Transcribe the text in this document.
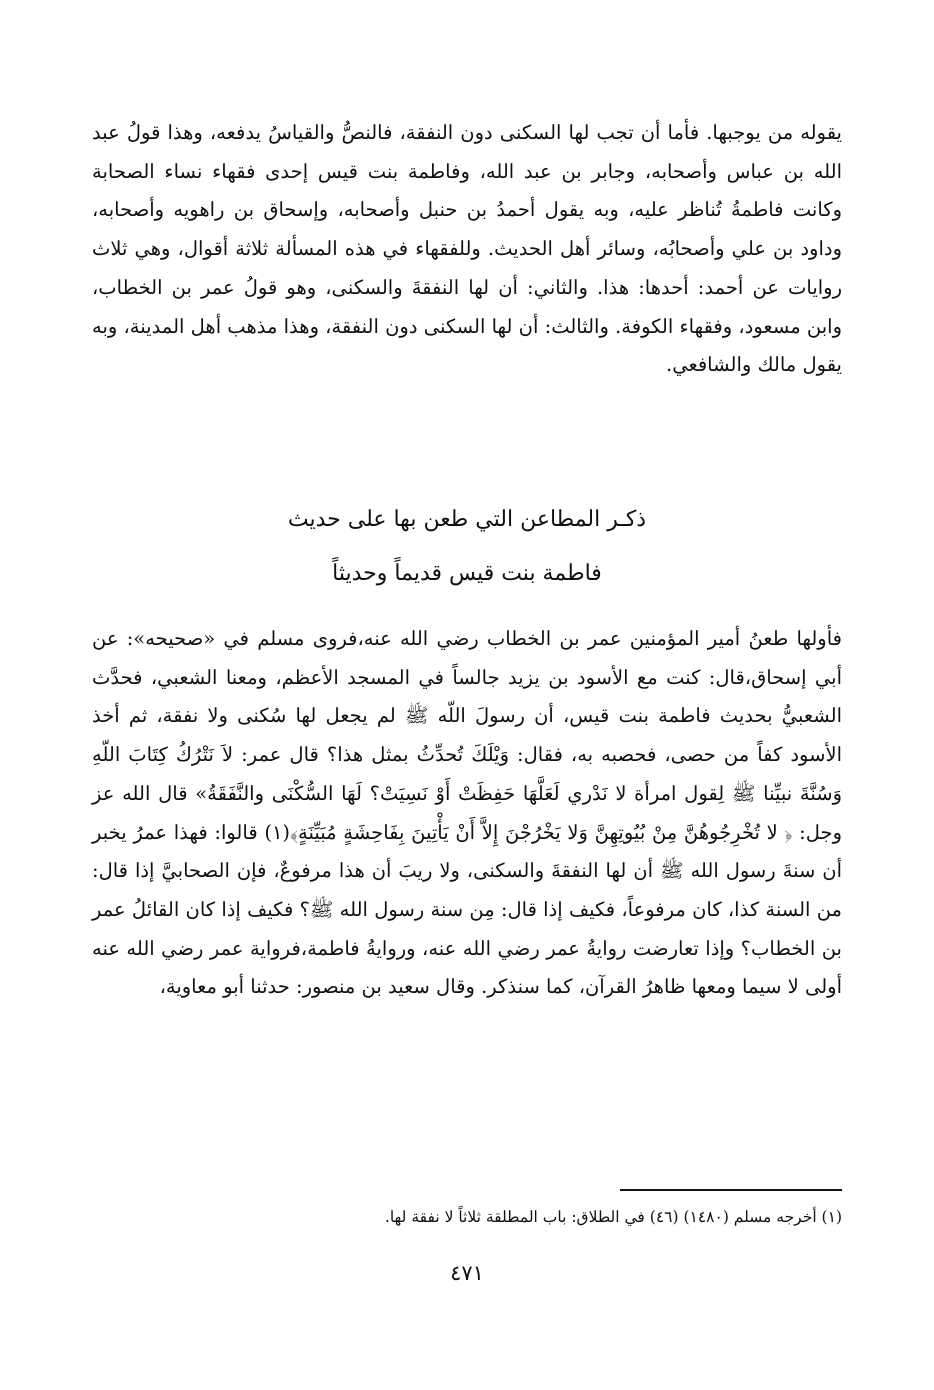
يقوله من يوجبها. فأما أن تجب لها السكنى دون النفقة، فالنصُّ والقياسُ يدفعه، وهذا قولُ عبد الله بن عباس وأصحابه، وجابر بن عبد الله، وفاطمة بنت قيس إحدى فقهاء نساء الصحابة وكانت فاطمةُ تُناظر عليه، وبه يقول أحمدُ بن حنبل وأصحابه، وإسحاق بن راهويه وأصحابه، وداود بن علي وأصحابُه، وسائر أهل الحديث. وللفقهاء في هذه المسألة ثلاثة أقوال، وهي ثلاث روايات عن أحمد: أحدها: هذا. والثاني: أن لها النفقةَ والسكنى، وهو قولُ عمر بن الخطاب، وابن مسعود، وفقهاء الكوفة. والثالث: أن لها السكنى دون النفقة، وهذا مذهب أهل المدينة، وبه يقول مالك والشافعي.

ذكـر المطاعن التي طعن بها على حديث
فاطمة بنت قيس قديماً وحديثاً

فأولها طعنُ أمير المؤمنين عمر بن الخطاب رضي الله عنه،فروى مسلم في «صحيحه»: عن أبي إسحاق،قال: كنت مع الأسود بن يزيد جالساً في المسجد الأعظم، ومعنا الشعبي، فحدَّث الشعبيُّ بحديث فاطمة بنت قيس، أن رسولَ اللّه ﷺ لم يجعل لها سُكنى ولا نفقة، ثم أخذ الأسود كفاً من حصى، فحصبه به، فقال: وَيْلَكَ تُحدِّثُ بمثل هذا؟ قال عمر: لاَ نَتْرُكُ كِتَابَ اللّهِ وَسُنَّةَ نبيِّنا ﷺ لِقول امرأة لا نَدْري لَعَلَّهَا حَفِظَتْ أَوْ نَسِيَتْ؟ لَهَا السُّكْنَى والنَّفَقَةُ» قال الله عز وجل: ﴿ لا تُخْرِجُوهُنَّ مِنْ بُيُوتِهِنَّ وَلا يَخْرُجْنَ إِلاَّ أَنْ يَأْتِينَ بِفَاحِشَةٍ مُبَيِّنَةٍ﴾(١) قالوا: فهذا عمرُ يخبر أن سنةَ رسول الله ﷺ أن لها النفقةَ والسكنى، ولا ريبَ أن هذا مرفوعٌ، فإن الصحابيَّ إذا قال: من السنة كذا، كان مرفوعاً، فكيف إذا قال: مِن سنة رسول الله ﷺ؟ فكيف إذا كان القائلُ عمر بن الخطاب؟ وإذا تعارضت روايةُ عمر رضي الله عنه، وروايةُ فاطمة،فرواية عمر رضي الله عنه أولى لا سيما ومعها ظاهرُ القرآن، كما سنذكر. وقال سعيد بن منصور: حدثنا أبو معاوية،

(١) أخرجه مسلم (١٤٨٠) (٤٦) في الطلاق: باب المطلقة ثلاثاً لا نفقة لها.
٤٧١
